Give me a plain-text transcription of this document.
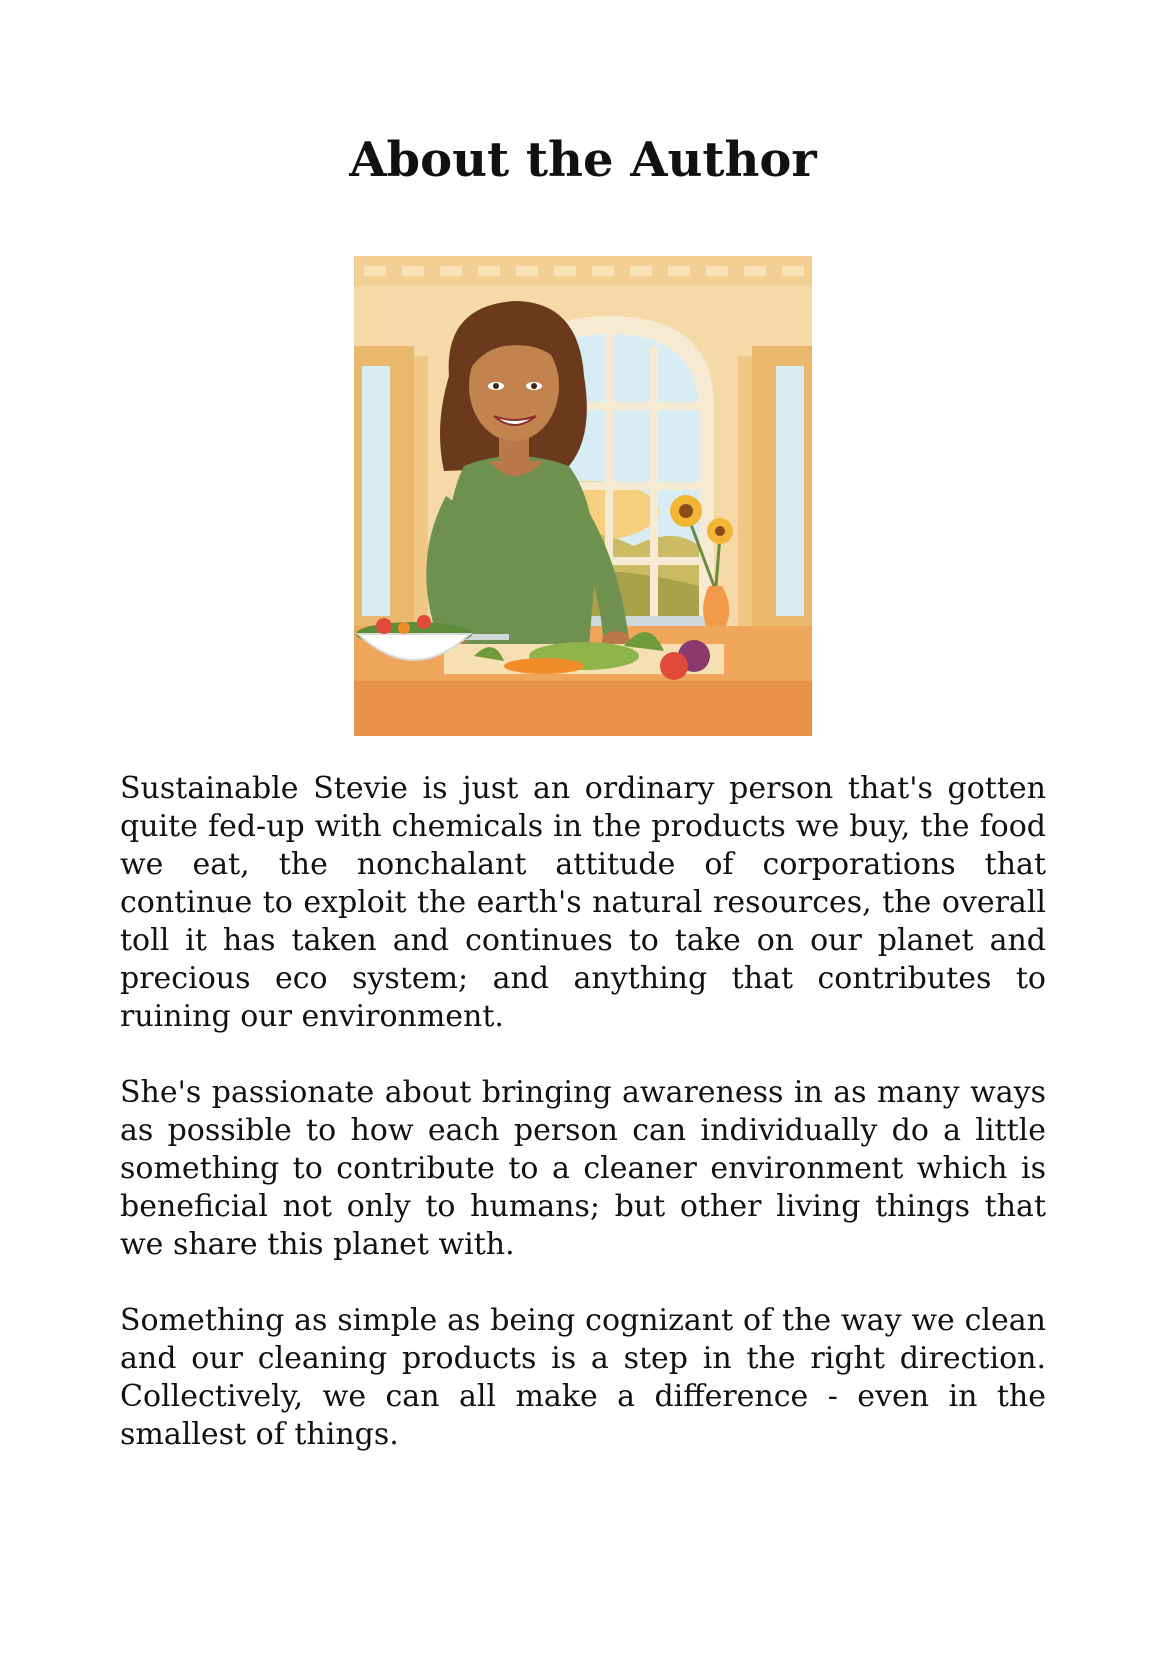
About the Author

Sustainable Stevie is just an ordinary person that's gotten quite fed-up with chemicals in the products we buy, the food we eat, the nonchalant attitude of corporations that continue to exploit the earth's natural resources, the overall toll it has taken and continues to take on our planet and precious eco system; and anything that contributes to ruining our environment.

She's passionate about bringing awareness in as many ways as possible to how each person can individually do a little something to contribute to a cleaner environment which is beneficial not only to humans; but other living things that we share this planet with.

Something as simple as being cognizant of the way we clean and our cleaning products is a step in the right direction. Collectively, we can all make a difference - even in the smallest of things.
